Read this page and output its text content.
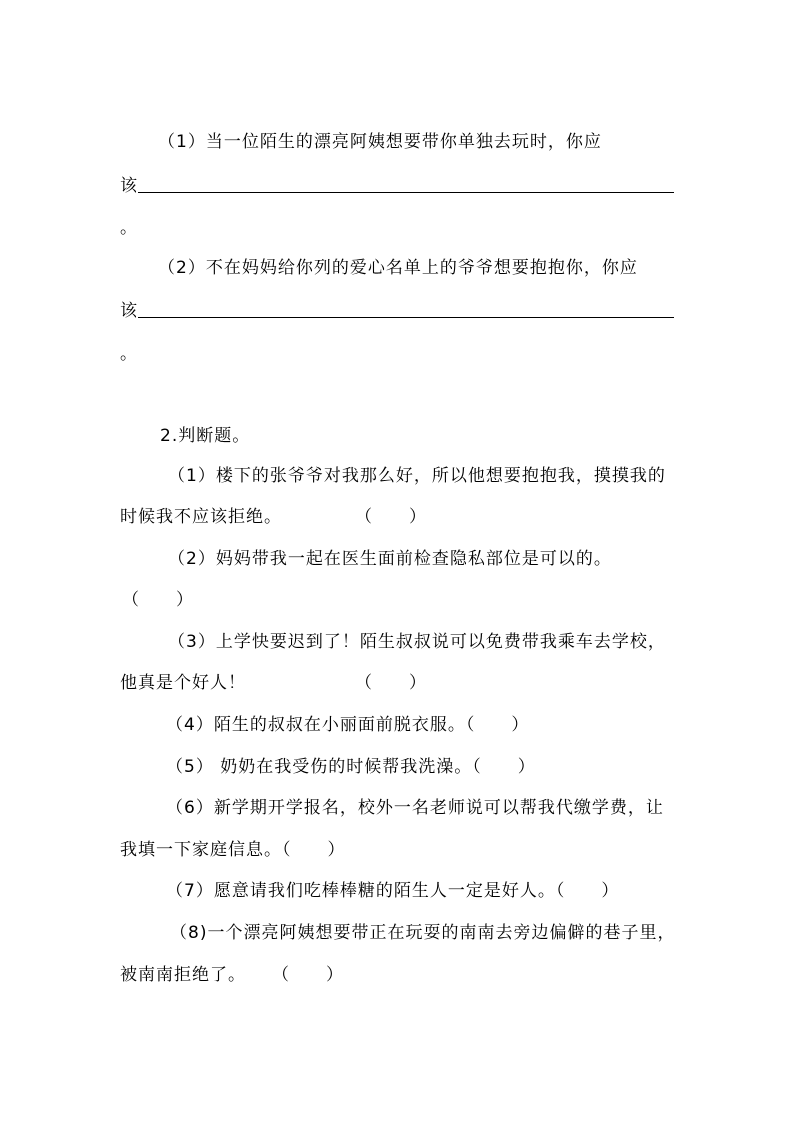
（1）当一位陌生的漂亮阿姨想要带你单独去玩时，你应
该
。
（2）不在妈妈给你列的爱心名单上的爷爷想要抱抱你，你应
该
。
2.判断题。
（1）楼下的张爷爷对我那么好，所以他想要抱抱我，摸摸我的
时候我不应该拒绝。	（　　）
（2）妈妈带我一起在医生面前检查隐私部位是可以的。
（　　）
（3）上学快要迟到了！陌生叔叔说可以免费带我乘车去学校，
他真是个好人！	（　　）
（4）陌生的叔叔在小丽面前脱衣服。（　　）
（5） 奶奶在我受伤的时候帮我洗澡。（　　）
（6）新学期开学报名，校外一名老师说可以帮我代缴学费，让
我填一下家庭信息。（　　）
（7）愿意请我们吃棒棒糖的陌生人一定是好人。（　　）
（8)一个漂亮阿姨想要带正在玩耍的南南去旁边偏僻的巷子里，
被南南拒绝了。 （　　）
